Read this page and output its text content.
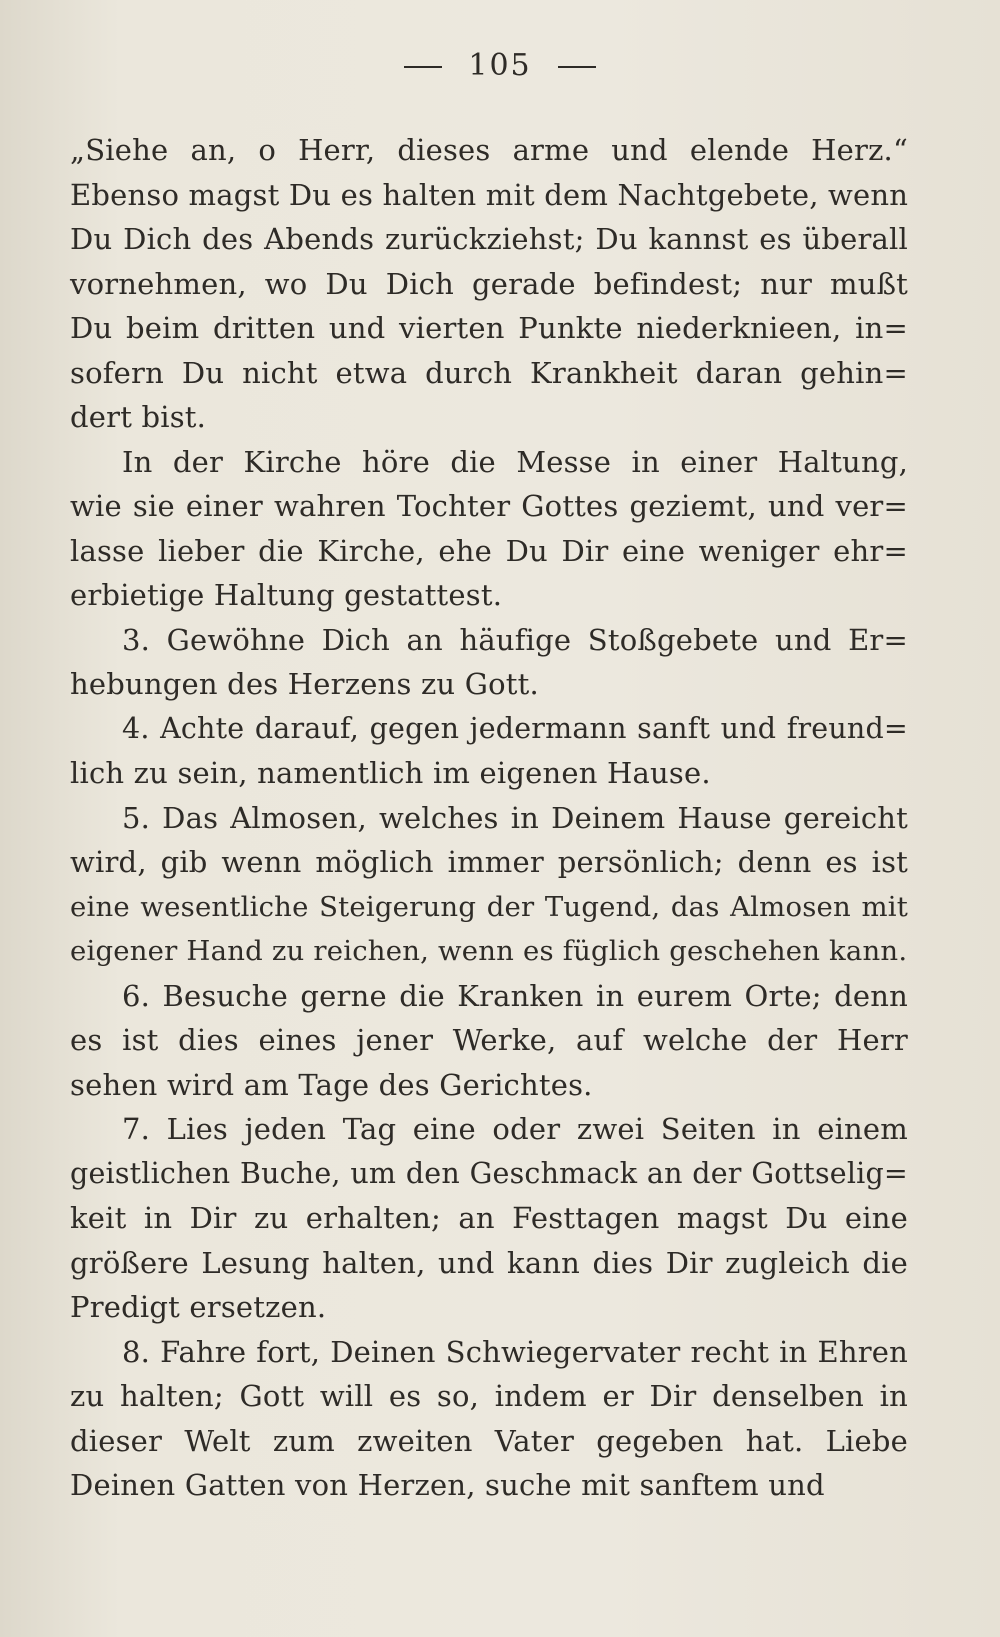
105
„Siehe an, o Herr, dieses arme und elende Herz.“
Ebenso magst Du es halten mit dem Nachtgebete, wenn
Du Dich des Abends zurückziehst; Du kannst es überall
vornehmen, wo Du Dich gerade befindest; nur mußt
Du beim dritten und vierten Punkte niederknieen, in=
sofern Du nicht etwa durch Krankheit daran gehin=
dert bist.
In der Kirche höre die Messe in einer Haltung,
wie sie einer wahren Tochter Gottes geziemt, und ver=
lasse lieber die Kirche, ehe Du Dir eine weniger ehr=
erbietige Haltung gestattest.
3. Gewöhne Dich an häufige Stoßgebete und Er=
hebungen des Herzens zu Gott.
4. Achte darauf, gegen jedermann sanft und freund=
lich zu sein, namentlich im eigenen Hause.
5. Das Almosen, welches in Deinem Hause gereicht
wird, gib wenn möglich immer persönlich; denn es ist
eine wesentliche Steigerung der Tugend, das Almosen mit
eigener Hand zu reichen, wenn es füglich geschehen kann.
6. Besuche gerne die Kranken in eurem Orte; denn
es ist dies eines jener Werke, auf welche der Herr
sehen wird am Tage des Gerichtes.
7. Lies jeden Tag eine oder zwei Seiten in einem
geistlichen Buche, um den Geschmack an der Gottselig=
keit in Dir zu erhalten; an Festtagen magst Du eine
größere Lesung halten, und kann dies Dir zugleich die
Predigt ersetzen.
8. Fahre fort, Deinen Schwiegervater recht in Ehren
zu halten; Gott will es so, indem er Dir denselben in
dieser Welt zum zweiten Vater gegeben hat. Liebe
Deinen Gatten von Herzen, suche mit sanftem und
